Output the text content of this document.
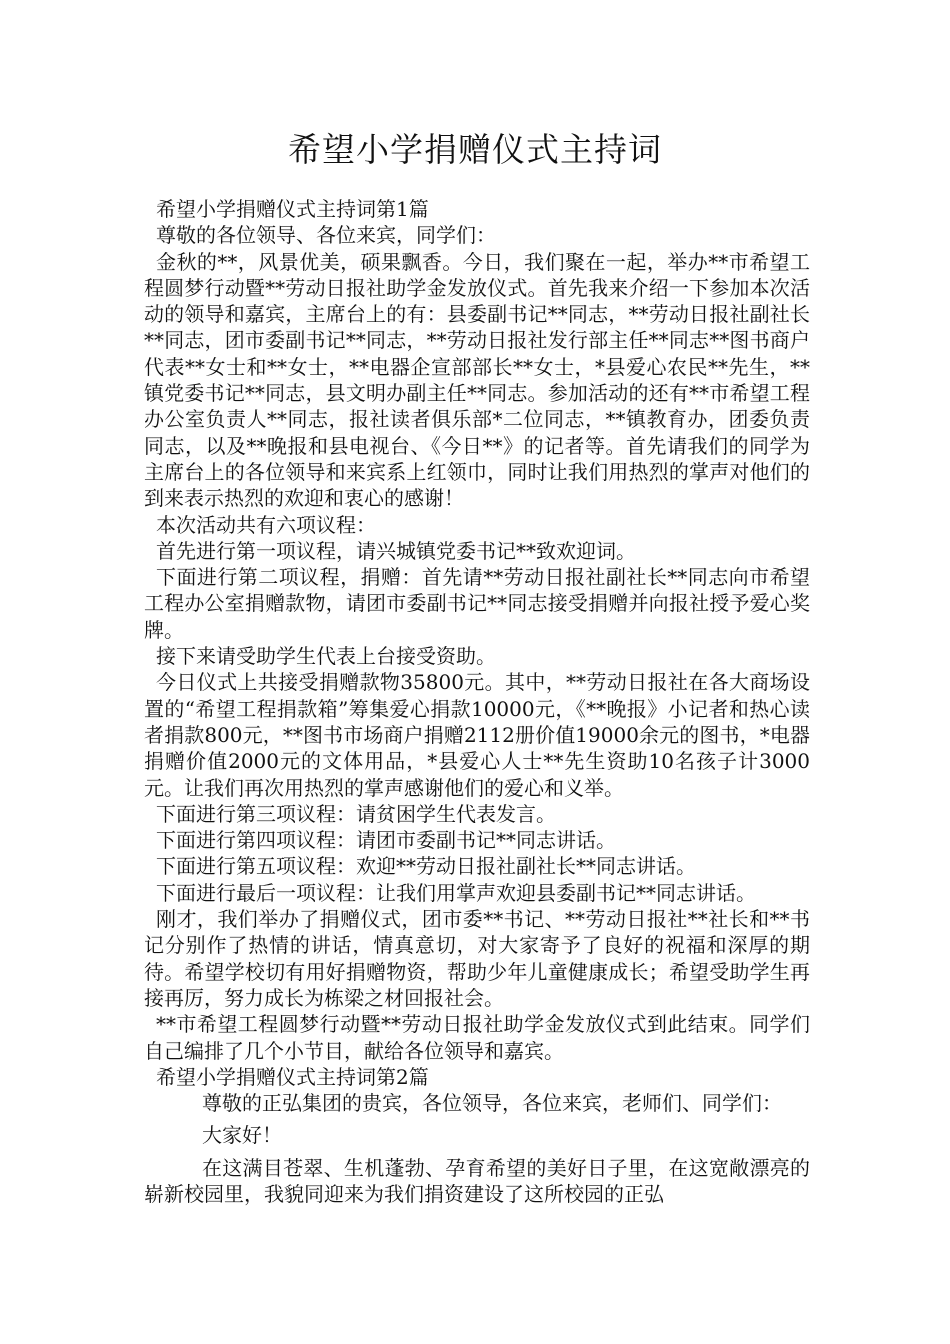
希望小学捐赠仪式主持词

希望小学捐赠仪式主持词第1篇

尊敬的各位领导、各位来宾，同学们：

金秋的**，风景优美，硕果飘香。今日，我们聚在一起，举办**市希望工程圆梦行动暨**劳动日报社助学金发放仪式。首先我来介绍一下参加本次活动的领导和嘉宾，主席台上的有：县委副书记**同志，**劳动日报社副社长**同志，团市委副书记**同志，**劳动日报社发行部主任**同志**图书商户代表**女士和**女士，**电器企宣部部长**女士，*县爱心农民**先生，**镇党委书记**同志，县文明办副主任**同志。参加活动的还有**市希望工程办公室负责人**同志，报社读者俱乐部*二位同志，**镇教育办，团委负责同志，以及**晚报和县电视台、《今日**》的记者等。首先请我们的同学为主席台上的各位领导和来宾系上红领巾，同时让我们用热烈的掌声对他们的到来表示热烈的欢迎和衷心的感谢！

本次活动共有六项议程：

首先进行第一项议程，请兴城镇党委书记**致欢迎词。

下面进行第二项议程，捐赠：首先请**劳动日报社副社长**同志向市希望工程办公室捐赠款物，请团市委副书记**同志接受捐赠并向报社授予爱心奖牌。

接下来请受助学生代表上台接受资助。

今日仪式上共接受捐赠款物35800元。其中，**劳动日报社在各大商场设置的“希望工程捐款箱”筹集爱心捐款10000元，《**晚报》小记者和热心读者捐款800元，**图书市场商户捐赠2112册价值19000余元的图书，*电器捐赠价值2000元的文体用品，*县爱心人士**先生资助10名孩子计3000元。让我们再次用热烈的掌声感谢他们的爱心和义举。

下面进行第三项议程：请贫困学生代表发言。

下面进行第四项议程：请团市委副书记**同志讲话。

下面进行第五项议程：欢迎**劳动日报社副社长**同志讲话。

下面进行最后一项议程：让我们用掌声欢迎县委副书记**同志讲话。

刚才，我们举办了捐赠仪式，团市委**书记、**劳动日报社**社长和**书记分别作了热情的讲话，情真意切，对大家寄予了良好的祝福和深厚的期待。希望学校切有用好捐赠物资，帮助少年儿童健康成长；希望受助学生再接再厉，努力成长为栋梁之材回报社会。

**市希望工程圆梦行动暨**劳动日报社助学金发放仪式到此结束。同学们自己编排了几个小节目，献给各位领导和嘉宾。

希望小学捐赠仪式主持词第2篇

尊敬的正弘集团的贵宾，各位领导，各位来宾，老师们、同学们：

大家好！

在这满目苍翠、生机蓬勃、孕育希望的美好日子里，在这宽敞漂亮的崭新校园里，我貌同迎来为我们捐资建设了这所校园的正弘
